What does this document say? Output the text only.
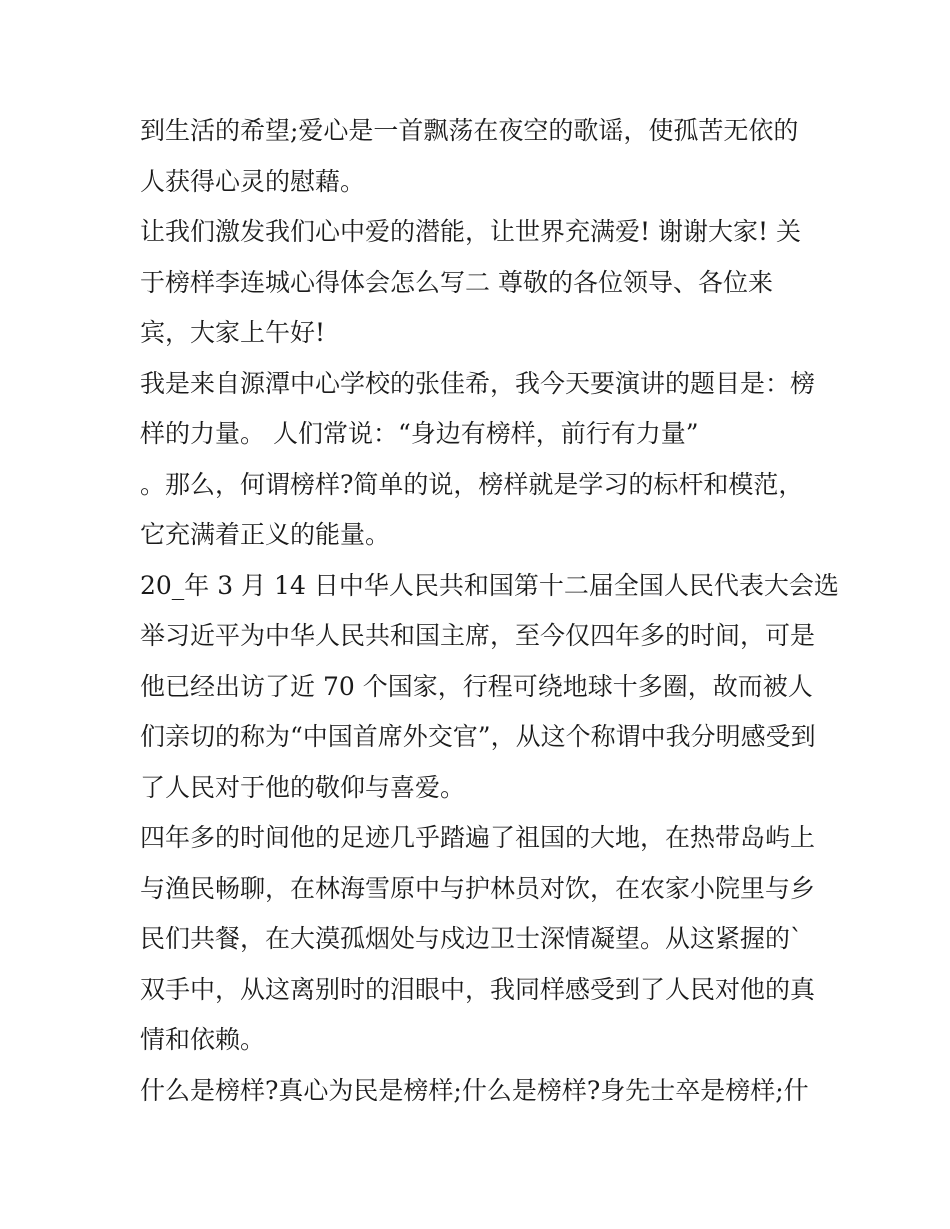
到生活的希望;爱心是一首飘荡在夜空的歌谣，使孤苦无依的
人获得心灵的慰藉。
让我们激发我们心中爱的潜能，让世界充满爱! 谢谢大家! 关
于榜样李连城心得体会怎么写二 尊敬的各位领导、各位来
宾，大家上午好!
我是来自源潭中心学校的张佳希，我今天要演讲的题目是：榜
样的力量。 人们常说：“身边有榜样，前行有力量”
。那么，何谓榜样?简单的说，榜样就是学习的标杆和模范，
它充满着正义的能量。
20_年 3 月 14 日中华人民共和国第十二届全国人民代表大会选
举习近平为中华人民共和国主席，至今仅四年多的时间，可是
他已经出访了近 70 个国家，行程可绕地球十多圈，故而被人
们亲切的称为“中国首席外交官”，从这个称谓中我分明感受到
了人民对于他的敬仰与喜爱。
四年多的时间他的足迹几乎踏遍了祖国的大地，在热带岛屿上
与渔民畅聊，在林海雪原中与护林员对饮，在农家小院里与乡
民们共餐，在大漠孤烟处与戍边卫士深情凝望。从这紧握的`
双手中，从这离别时的泪眼中，我同样感受到了人民对他的真
情和依赖。
什么是榜样?真心为民是榜样;什么是榜样?身先士卒是榜样;什
